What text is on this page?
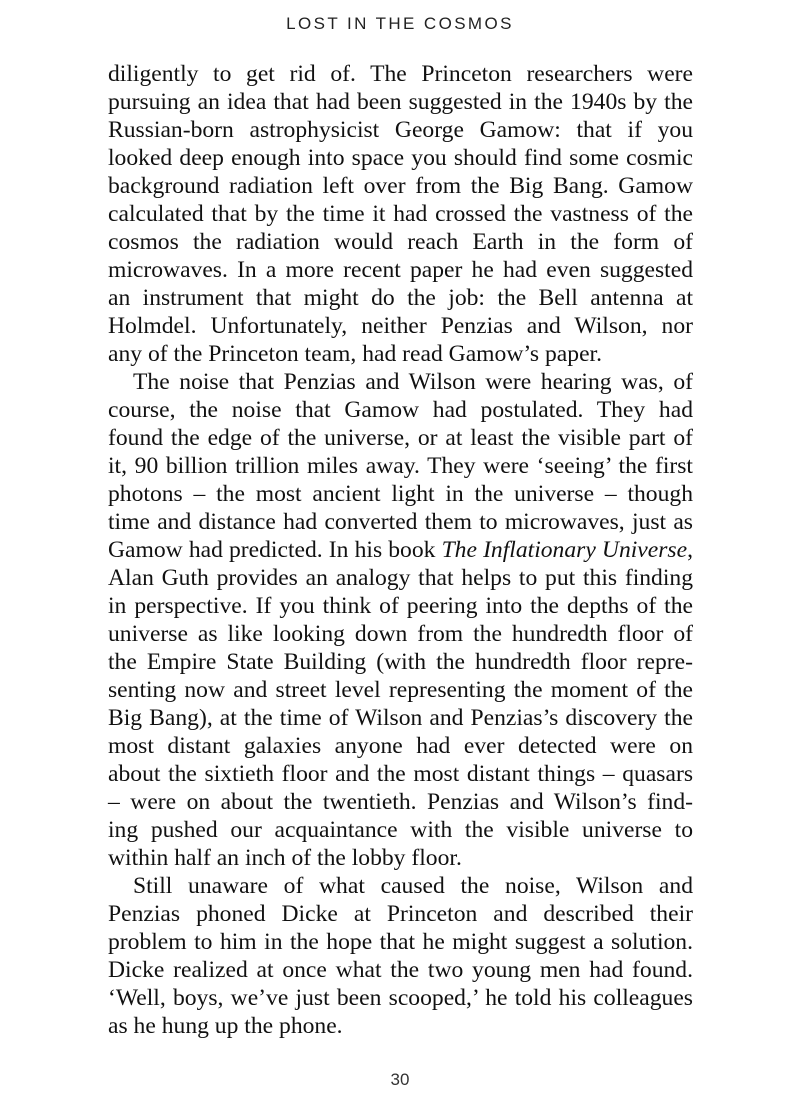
LOST IN THE COSMOS

diligently to get rid of. The Princeton researchers were
pursuing an idea that had been suggested in the 1940s by the
Russian-born astrophysicist George Gamow: that if you
looked deep enough into space you should find some cosmic
background radiation left over from the Big Bang. Gamow
calculated that by the time it had crossed the vastness of the
cosmos the radiation would reach Earth in the form of
microwaves. In a more recent paper he had even suggested
an instrument that might do the job: the Bell antenna at
Holmdel. Unfortunately, neither Penzias and Wilson, nor
any of the Princeton team, had read Gamow’s paper.

The noise that Penzias and Wilson were hearing was, of
course, the noise that Gamow had postulated. They had
found the edge of the universe, or at least the visible part of
it, 90 billion trillion miles away. They were ‘seeing’ the first
photons – the most ancient light in the universe – though
time and distance had converted them to microwaves, just as
Gamow had predicted. In his book The Inflationary Universe,
Alan Guth provides an analogy that helps to put this finding
in perspective. If you think of peering into the depths of the
universe as like looking down from the hundredth floor of
the Empire State Building (with the hundredth floor repre-
senting now and street level representing the moment of the
Big Bang), at the time of Wilson and Penzias’s discovery the
most distant galaxies anyone had ever detected were on
about the sixtieth floor and the most distant things – quasars
– were on about the twentieth. Penzias and Wilson’s find-
ing pushed our acquaintance with the visible universe to
within half an inch of the lobby floor.

Still unaware of what caused the noise, Wilson and
Penzias phoned Dicke at Princeton and described their
problem to him in the hope that he might suggest a solution.
Dicke realized at once what the two young men had found.
‘Well, boys, we’ve just been scooped,’ he told his colleagues
as he hung up the phone.

30
